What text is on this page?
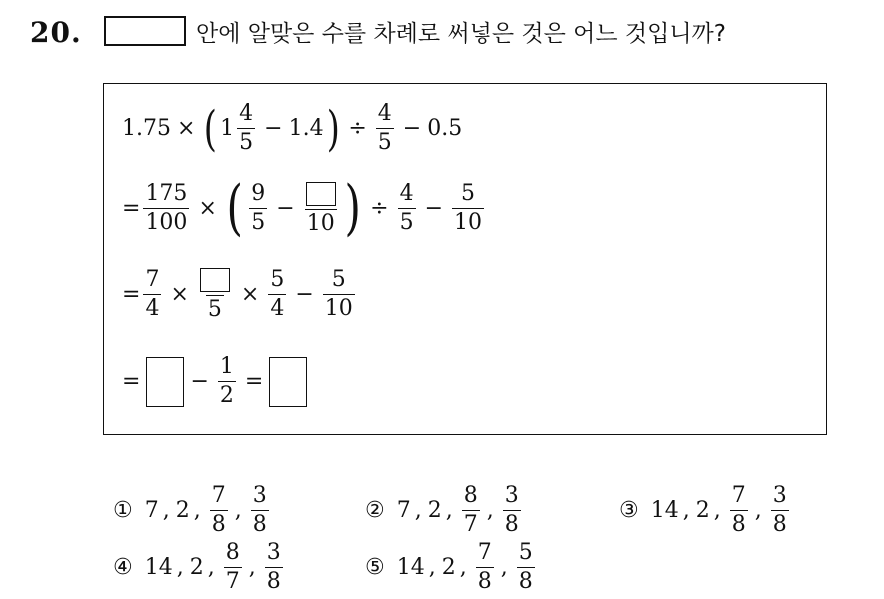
20.	안에 알맞은 수를 차례로 써넣은 것은 어느 것입니까?
1.75 × ( $1 \frac{4}{5} - 1.4$ ) ÷ $\frac{4}{5} - 0.5$
= $\frac{175}{100}$ × ( $\frac{9}{5}$ −
10 ) ÷ $\frac{4}{5} - \frac{5}{10}$
= $\frac{7}{4}$ ×
5
× $\frac{5}{4} - \frac{5}{10}$
= − $\frac{1}{2}$ =
① 7 , 2 , $\frac{7}{8}$ , $\frac{3}{8}$	② 7 , 2 , $\frac{8}{7}$ , $\frac{3}{8}$	③ 14 , 2 , $\frac{7}{8}$ , $\frac{3}{8}$
④ 14 , 2 , $\frac{8}{7}$ , $\frac{3}{8}$	⑤ 14 , 2 , $\frac{7}{8}$ , $\frac{5}{8}$
